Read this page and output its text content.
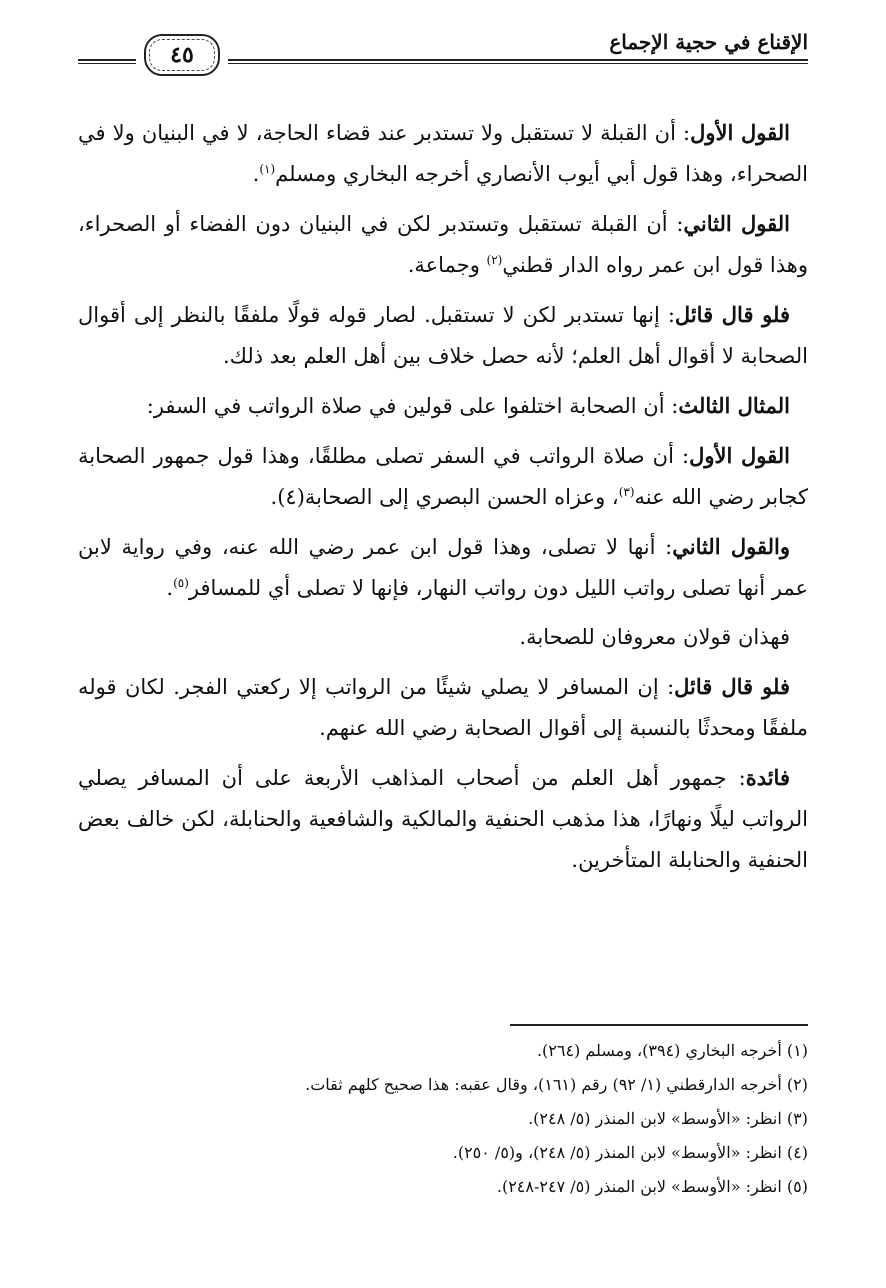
الإقناع في حجية الإجماع
٤٥

القول الأول: أن القبلة لا تستقبل ولا تستدبر عند قضاء الحاجة، لا في البنيان ولا في الصحراء، وهذا قول أبي أيوب الأنصاري أخرجه البخاري ومسلم$^{(١)}$.

القول الثاني: أن القبلة تستقبل وتستدبر لكن في البنيان دون الفضاء أو الصحراء، وهذا قول ابن عمر رواه الدار قطني$^{(٢)}$ وجماعة.

فلو قال قائل: إنها تستدبر لكن لا تستقبل. لصار قوله قولًا ملفقًا بالنظر إلى أقوال الصحابة لا أقوال أهل العلم؛ لأنه حصل خلاف بين أهل العلم بعد ذلك.

المثال الثالث: أن الصحابة اختلفوا على قولين في صلاة الرواتب في السفر:

القول الأول: أن صلاة الرواتب في السفر تصلى مطلقًا، وهذا قول جمهور الصحابة كجابر رضي الله عنه$^{(٣)}$، وعزاه الحسن البصري إلى الصحابة(٤).

والقول الثاني: أنها لا تصلى، وهذا قول ابن عمر رضي الله عنه، وفي رواية لابن عمر أنها تصلى رواتب الليل دون رواتب النهار، فإنها لا تصلى أي للمسافر$^{(٥)}$.

فهذان قولان معروفان للصحابة.

فلو قال قائل: إن المسافر لا يصلي شيئًا من الرواتب إلا ركعتي الفجر. لكان قوله ملفقًا ومحدثًا بالنسبة إلى أقوال الصحابة رضي الله عنهم.

فائدة: جمهور أهل العلم من أصحاب المذاهب الأربعة على أن المسافر يصلي الرواتب ليلًا ونهارًا، هذا مذهب الحنفية والمالكية والشافعية والحنابلة، لكن خالف بعض الحنفية والحنابلة المتأخرين.

(١) أخرجه البخاري (٣٩٤)، ومسلم (٢٦٤).
(٢) أخرجه الدارقطني (١/ ٩٢) رقم (١٦١)، وقال عقبه: هذا صحيح كلهم ثقات.
(٣) انظر: «الأوسط» لابن المنذر (٥/ ٢٤٨).
(٤) انظر: «الأوسط» لابن المنذر (٥/ ٢٤٨)، و(٥/ ٢٥٠).
(٥) انظر: «الأوسط» لابن المنذر (٥/ ٢٤٧-٢٤٨).
